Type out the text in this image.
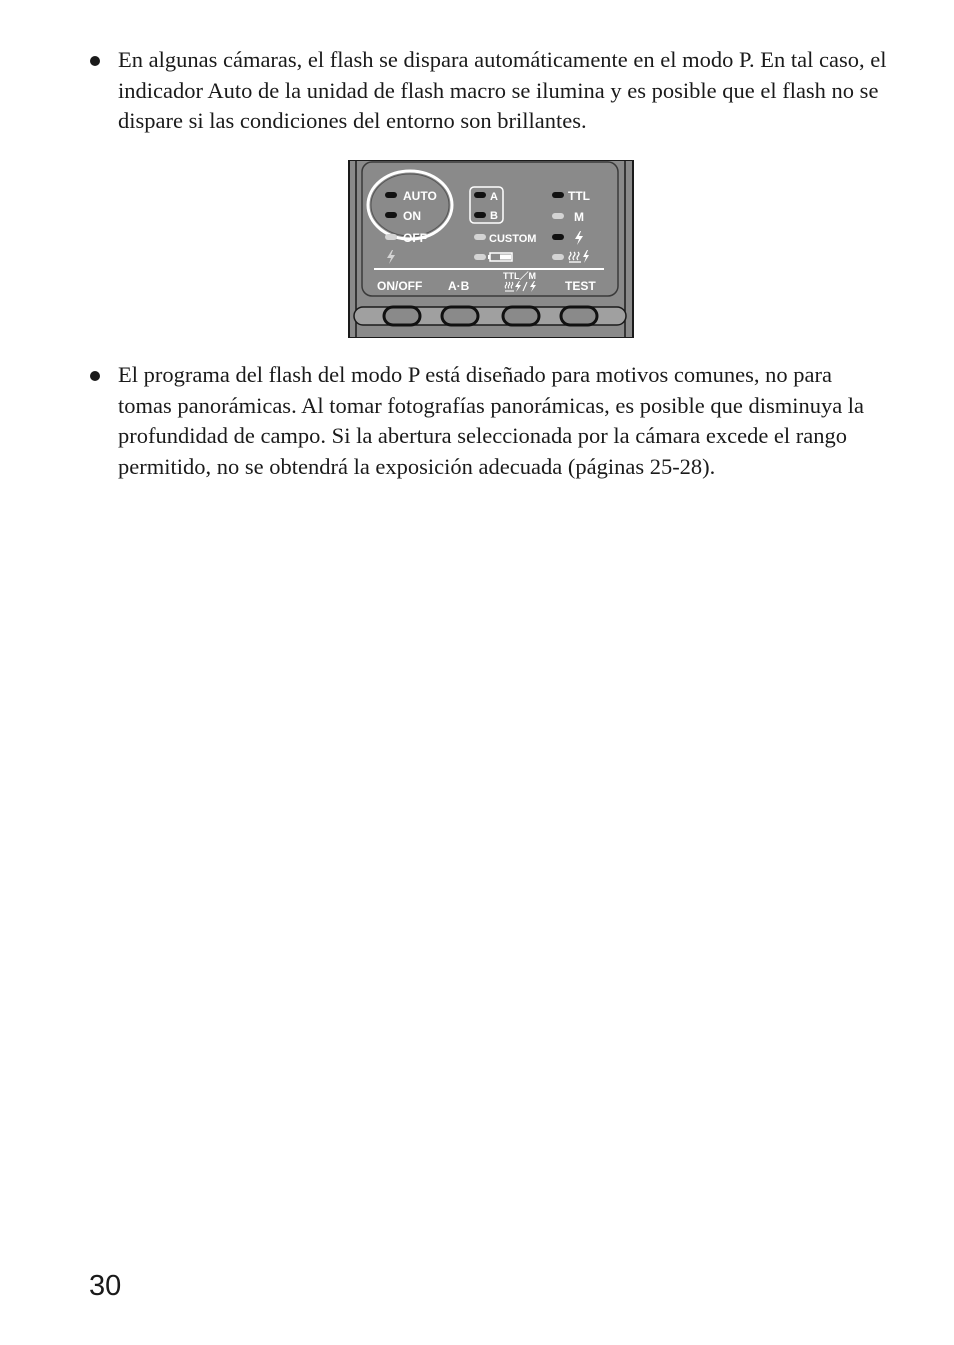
En algunas cámaras, el flash se dispara automáticamente en el modo P. En tal caso, el indicador Auto de la unidad de flash macro se ilumina y es posible que el flash no se dispare si las condiciones del entorno son brillantes.
AUTO
ON
OFF
A
B
CUSTOM
TTL
M
ON/OFF A·B
TTL／M
TEST
El programa del flash del modo P está diseñado para motivos comunes, no para tomas panorámicas. Al tomar fotografías panorámicas, es posible que disminuya la profundidad de campo. Si la abertura seleccionada por la cámara excede el rango permitido, no se obtendrá la exposición adecuada (páginas 25-28).
30
